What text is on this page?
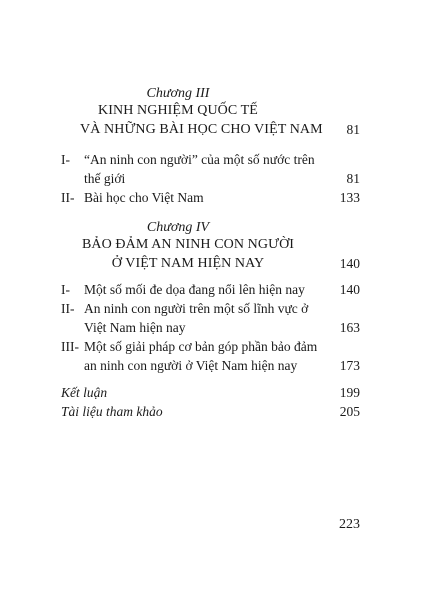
Chương III
KINH NGHIỆM QUỐC TẾ
VÀ NHỮNG BÀI HỌC CHO VIỆT NAM	81
I- “An ninh con người” của một số nước trên
thế giới	81
II- Bài học cho Việt Nam	133
Chương IV
BẢO ĐẢM AN NINH CON NGƯỜI
Ở VIỆT NAM HIỆN NAY	140
I- Một số mối đe dọa đang nổi lên hiện nay	140
II- An ninh con người trên một số lĩnh vực ở
Việt Nam hiện nay	163
III- Một số giải pháp cơ bản góp phần bảo đảm
an ninh con người ở Việt Nam hiện nay	173
Kết luận	199
Tài liệu tham khảo	205
223
